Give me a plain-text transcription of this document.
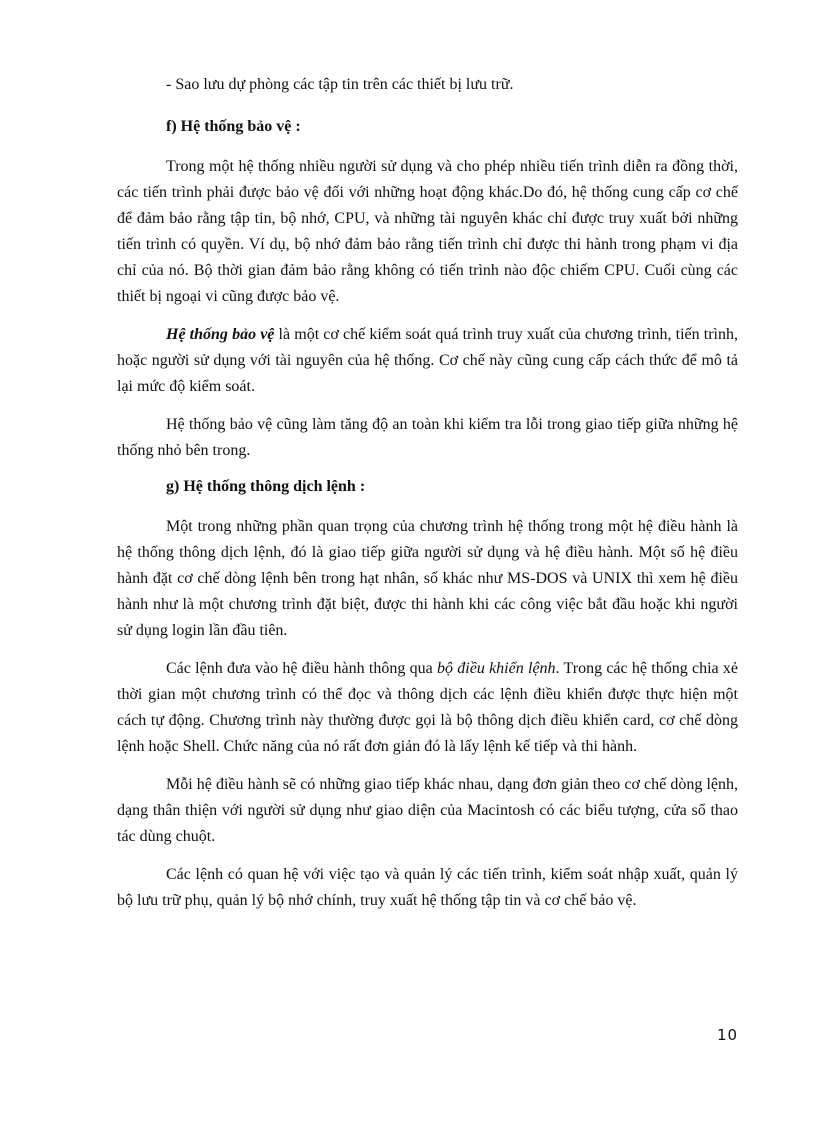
- Sao lưu dự phòng các tập tin trên các thiết bị lưu trữ.

f) Hệ thống bảo vệ :

Trong một hệ thống nhiều người sử dụng và cho phép nhiều tiến trình diễn ra đồng thời, các tiến trình phải được bảo vệ đối với những hoạt động khác.Do đó, hệ thống cung cấp cơ chế để đảm bảo rằng tập tin, bộ nhớ, CPU, và những tài nguyên khác chỉ được truy xuất bởi những tiến trình có quyền. Ví dụ, bộ nhớ đảm bảo rằng tiến trình chỉ được thi hành trong phạm vi địa chỉ của nó. Bộ thời gian đảm bảo rằng không có tiến trình nào độc chiếm CPU. Cuối cùng các thiết bị ngoại vi cũng được bảo vệ.

Hệ thống bảo vệ là một cơ chế kiểm soát quá trình truy xuất của chương trình, tiến trình, hoặc người sử dụng với tài nguyên của hệ thống. Cơ chế này cũng cung cấp cách thức để mô tả lại mức độ kiểm soát.

Hệ thống bảo vệ cũng làm tăng độ an toàn khi kiểm tra lỗi trong giao tiếp giữa những hệ thống nhỏ bên trong.

g) Hệ thống thông dịch lệnh :

Một trong những phần quan trọng của chương trình hệ thống trong một hệ điều hành là hệ thống thông dịch lệnh, đó là giao tiếp giữa người sử dụng và hệ điều hành. Một số hệ điều hành đặt cơ chế dòng lệnh bên trong hạt nhân, số khác như MS-DOS và UNIX thì xem hệ điều hành như là một chương trình đặt biệt, được thi hành khi các công việc bắt đầu hoặc khi người sử dụng login lần đầu tiên.

Các lệnh đưa vào hệ điều hành thông qua bộ điều khiển lệnh. Trong các hệ thống chia xẻ thời gian một chương trình có thể đọc và thông dịch các lệnh điều khiển được thực hiện một cách tự động. Chương trình này thường được gọi là bộ thông dịch điều khiển card, cơ chế dòng lệnh hoặc Shell. Chức năng của nó rất đơn giản đó là lấy lệnh kế tiếp và thi hành.

Mỗi hệ điều hành sẽ có những giao tiếp khác nhau, dạng đơn giản theo cơ chế dòng lệnh, dạng thân thiện với người sử dụng như giao diện của Macintosh có các biểu tượng, cửa sổ thao tác dùng chuột.

Các lệnh có quan hệ với việc tạo và quản lý các tiến trình, kiểm soát nhập xuất, quản lý bộ lưu trữ phụ, quản lý bộ nhớ chính, truy xuất hệ thống tập tin và cơ chế bảo vệ.

10
